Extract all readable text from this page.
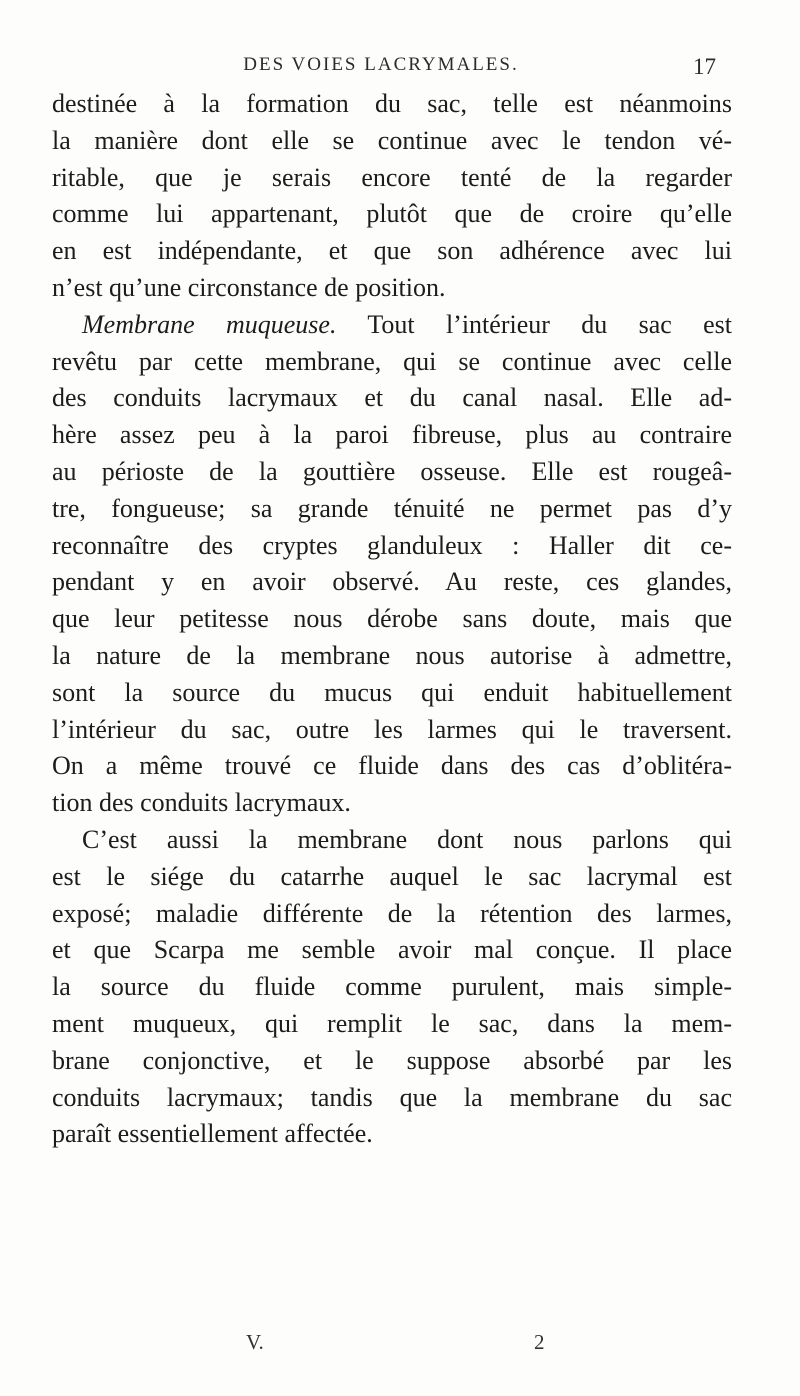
DES VOIES LACRYMALES.	17
destinée à la formation du sac, telle est néanmoins
la manière dont elle se continue avec le tendon vé-
ritable, que je serais encore tenté de la regarder
comme lui appartenant, plutôt que de croire qu’elle
en est indépendante, et que son adhérence avec lui
n’est qu’une circonstance de position.
Membrane muqueuse. Tout l’intérieur du sac est
revêtu par cette membrane, qui se continue avec celle
des conduits lacrymaux et du canal nasal. Elle ad-
hère assez peu à la paroi fibreuse, plus au contraire
au périoste de la gouttière osseuse. Elle est rougeâ-
tre, fongueuse; sa grande ténuité ne permet pas d’y
reconnaître des cryptes glanduleux : Haller dit ce-
pendant y en avoir observé. Au reste, ces glandes,
que leur petitesse nous dérobe sans doute, mais que
la nature de la membrane nous autorise à admettre,
sont la source du mucus qui enduit habituellement
l’intérieur du sac, outre les larmes qui le traversent.
On a même trouvé ce fluide dans des cas d’oblitéra-
tion des conduits lacrymaux.
C’est aussi la membrane dont nous parlons qui
est le siége du catarrhe auquel le sac lacrymal est
exposé; maladie différente de la rétention des larmes,
et que Scarpa me semble avoir mal conçue. Il place
la source du fluide comme purulent, mais simple-
ment muqueux, qui remplit le sac, dans la mem-
brane conjonctive, et le suppose absorbé par les
conduits lacrymaux; tandis que la membrane du sac
paraît essentiellement affectée.
V.	2
